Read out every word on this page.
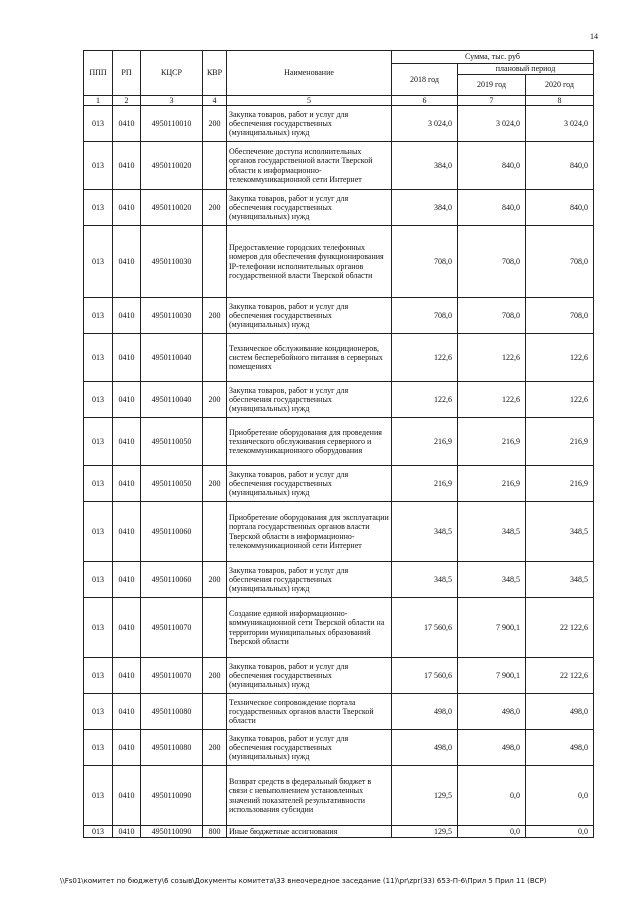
14
ППП	РП	КЦСР	КВР	Наименование	Сумма, тыс. руб		
					2018 год	плановый период	
						2019 год	2020 год
1	2	3	4	5	6	7	8
013	0410	4950110010	200	Закупка товаров, работ и услуг для обеспечения государственных (муниципальных) нужд	3 024,0	3 024,0	3 024,0
013	0410	4950110020		Обеспечение доступа исполнительных органов государственной власти Тверской области к информационно-телекоммуникационной сети Интернет	384,0	840,0	840,0
013	0410	4950110020	200	Закупка товаров, работ и услуг для обеспечения государственных (муниципальных) нужд	384,0	840,0	840,0
013	0410	4950110030		Предоставление городских телефонных номеров для обеспечения функционирования IP-телефонии исполнительных органов государственной власти Тверской области	708,0	708,0	708,0
013	0410	4950110030	200	Закупка товаров, работ и услуг для обеспечения государственных (муниципальных) нужд	708,0	708,0	708,0
013	0410	4950110040		Техническое обслуживание кондиционеров, систем бесперебойного питания в серверных помещениях	122,6	122,6	122,6
013	0410	4950110040	200	Закупка товаров, работ и услуг для обеспечения государственных (муниципальных) нужд	122,6	122,6	122,6
013	0410	4950110050		Приобретение оборудования для проведения технического обслуживания серверного и телекоммуникационного оборудования	216,9	216,9	216,9
013	0410	4950110050	200	Закупка товаров, работ и услуг для обеспечения государственных (муниципальных) нужд	216,9	216,9	216,9
013	0410	4950110060		Приобретение оборудования для эксплуатации портала государственных органов власти Тверской области в информационно-телекоммуникационной сети Интернет	348,5	348,5	348,5
013	0410	4950110060	200	Закупка товаров, работ и услуг для обеспечения государственных (муниципальных) нужд	348,5	348,5	348,5
013	0410	4950110070		Создание единой информационно-коммуникационной сети Тверской области на территории муниципальных образований Тверской области	17 560,6	7 900,1	22 122,6
013	0410	4950110070	200	Закупка товаров, работ и услуг для обеспечения государственных (муниципальных) нужд	17 560,6	7 900,1	22 122,6
013	0410	4950110080		Техническое сопровождение портала государственных органов власти Тверской области	498,0	498,0	498,0
013	0410	4950110080	200	Закупка товаров, работ и услуг для обеспечения государственных (муниципальных) нужд	498,0	498,0	498,0
013	0410	4950110090		Возврат средств в федеральный бюджет в связи с невыполнением установленных значений показателей результативности использования субсидии	129,5	0,0	0,0
013	0410	4950110090	800	Иные бюджетные ассигнования	129,5	0,0	0,0
\\Fs01\комитет по бюджету\6 созыв\Документы комитета\33 внеочередное заседание (11)\pr\zpr(33) 653-П-6\Прил 5 Прил 11 (ВСР)
